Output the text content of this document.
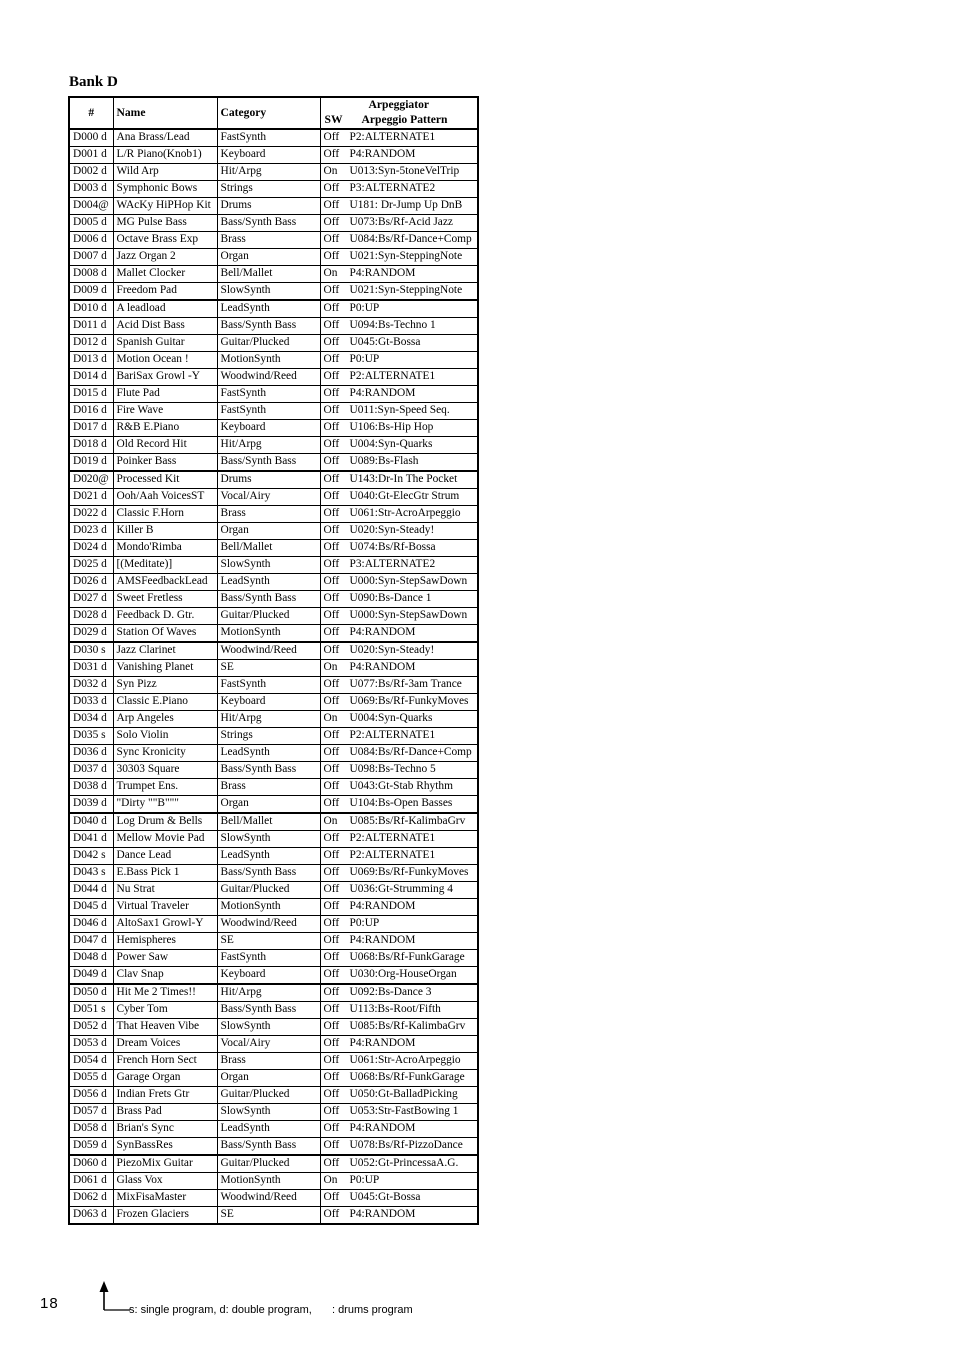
Bank D
#	Name	Category	Arpeggiator
SW Arpeggio Pattern

D000 d	Ana Brass/Lead	FastSynth	Off P2:ALTERNATE1
D001 d	L/R Piano(Knob1)	Keyboard	Off P4:RANDOM
D002 d	Wild Arp	Hit/Arpg	On U013:Syn-5toneVelTrip
D003 d	Symphonic Bows	Strings	Off P3:ALTERNATE2
D004@	WAcKy HiPHop Kit	Drums	Off U181: Dr-Jump Up DnB
D005 d	MG Pulse Bass	Bass/Synth Bass	Off U073:Bs/Rf-Acid Jazz
D006 d	Octave Brass Exp	Brass	Off U084:Bs/Rf-Dance+Comp
D007 d	Jazz Organ 2	Organ	Off U021:Syn-SteppingNote
D008 d	Mallet Clocker	Bell/Mallet	On P4:RANDOM
D009 d	Freedom Pad	SlowSynth	Off U021:Syn-SteppingNote
D010 d	A leadload	LeadSynth	Off P0:UP
D011 d	Acid Dist Bass	Bass/Synth Bass	Off U094:Bs-Techno 1
D012 d	Spanish Guitar	Guitar/Plucked	Off U045:Gt-Bossa
D013 d	Motion Ocean !	MotionSynth	Off P0:UP
D014 d	BariSax Growl -Y	Woodwind/Reed	Off P2:ALTERNATE1
D015 d	Flute Pad	FastSynth	Off P4:RANDOM
D016 d	Fire Wave	FastSynth	Off U011:Syn-Speed Seq.
D017 d	R&B E.Piano	Keyboard	Off U106:Bs-Hip Hop
D018 d	Old Record Hit	Hit/Arpg	Off U004:Syn-Quarks
D019 d	Poinker Bass	Bass/Synth Bass	Off U089:Bs-Flash
D020@	Processed Kit	Drums	Off U143:Dr-In The Pocket
D021 d	Ooh/Aah VoicesST	Vocal/Airy	Off U040:Gt-ElecGtr Strum
D022 d	Classic F.Horn	Brass	Off U061:Str-AcroArpeggio
D023 d	Killer B	Organ	Off U020:Syn-Steady!
D024 d	Mondo'Rimba	Bell/Mallet	Off U074:Bs/Rf-Bossa
D025 d	[(Meditate)]	SlowSynth	Off P3:ALTERNATE2
D026 d	AMSFeedbackLead	LeadSynth	Off U000:Syn-StepSawDown
D027 d	Sweet Fretless	Bass/Synth Bass	Off U090:Bs-Dance 1
D028 d	Feedback D. Gtr.	Guitar/Plucked	Off U000:Syn-StepSawDown
D029 d	Station Of Waves	MotionSynth	Off P4:RANDOM
D030 s	Jazz Clarinet	Woodwind/Reed	Off U020:Syn-Steady!
D031 d	Vanishing Planet	SE	On P4:RANDOM
D032 d	Syn Pizz	FastSynth	Off U077:Bs/Rf-3am Trance
D033 d	Classic E.Piano	Keyboard	Off U069:Bs/Rf-FunkyMoves
D034 d	Arp Angeles	Hit/Arpg	On U004:Syn-Quarks
D035 s	Solo Violin	Strings	Off P2:ALTERNATE1
D036 d	Sync Kronicity	LeadSynth	Off U084:Bs/Rf-Dance+Comp
D037 d	30303 Square	Bass/Synth Bass	Off U098:Bs-Techno 5
D038 d	Trumpet Ens.	Brass	Off U043:Gt-Stab Rhythm
D039 d	"Dirty ""B"""	Organ	Off U104:Bs-Open Basses
D040 d	Log Drum & Bells	Bell/Mallet	On U085:Bs/Rf-KalimbaGrv
D041 d	Mellow Movie Pad	SlowSynth	Off P2:ALTERNATE1
D042 s	Dance Lead	LeadSynth	Off P2:ALTERNATE1
D043 s	E.Bass Pick 1	Bass/Synth Bass	Off U069:Bs/Rf-FunkyMoves
D044 d	Nu Strat	Guitar/Plucked	Off U036:Gt-Strumming 4
D045 d	Virtual Traveler	MotionSynth	Off P4:RANDOM
D046 d	AltoSax1 Growl-Y	Woodwind/Reed	Off P0:UP
D047 d	Hemispheres	SE	Off P4:RANDOM
D048 d	Power Saw	FastSynth	Off U068:Bs/Rf-FunkGarage
D049 d	Clav Snap	Keyboard	Off U030:Org-HouseOrgan
D050 d	Hit Me 2 Times!!	Hit/Arpg	Off U092:Bs-Dance 3
D051 s	Cyber Tom	Bass/Synth Bass	Off U113:Bs-Root/Fifth
D052 d	That Heaven Vibe	SlowSynth	Off U085:Bs/Rf-KalimbaGrv
D053 d	Dream Voices	Vocal/Airy	Off P4:RANDOM
D054 d	French Horn Sect	Brass	Off U061:Str-AcroArpeggio
D055 d	Garage Organ	Organ	Off U068:Bs/Rf-FunkGarage
D056 d	Indian Frets Gtr	Guitar/Plucked	Off U050:Gt-BalladPicking
D057 d	Brass Pad	SlowSynth	Off U053:Str-FastBowing 1
D058 d	Brian's Sync	LeadSynth	Off P4:RANDOM
D059 d	SynBassRes	Bass/Synth Bass	Off U078:Bs/Rf-PizzoDance
D060 d	PiezoMix Guitar	Guitar/Plucked	Off U052:Gt-PrincessaA.G.
D061 d	Glass Vox	MotionSynth	On P0:UP
D062 d	MixFisaMaster	Woodwind/Reed	Off U045:Gt-Bossa
D063 d	Frozen Glaciers	SE	Off P4:RANDOM
18	s: single program, d: double program, : drums program
